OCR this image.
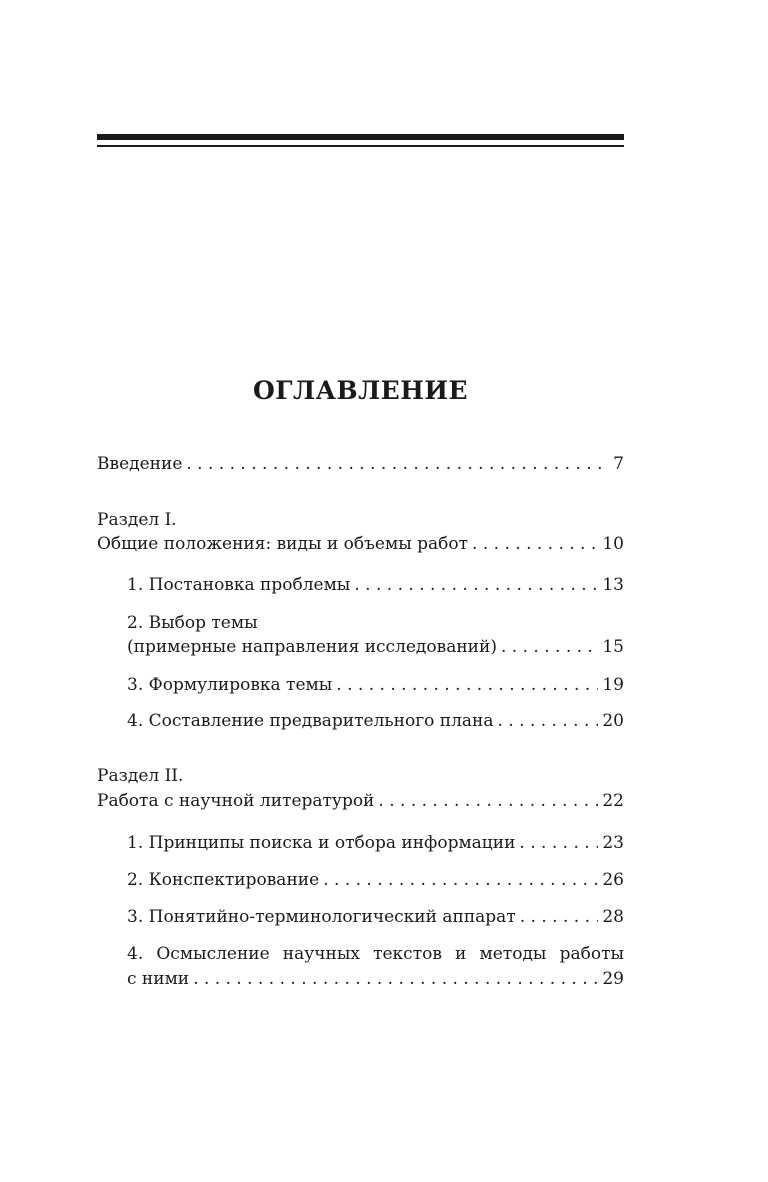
ОГЛАВЛЕНИЕ
Введение . . .	7
Раздел I.
Общие положения: виды и объемы работ . . .	10
1. Постановка проблемы . . .	13
2. Выбор темы
(примерные направления исследований) . . .	15
3. Формулировка темы . . .	19
4. Составление предварительного плана . . .	20
Раздел II.
Работа с научной литературой . . .	22
1. Принципы поиска и отбора информации . . .	23
2. Конспектирование . . .	26
3. Понятийно-терминологический аппарат . . .	28
4. Осмысление научных текстов и методы работы
с ними . . .	29
